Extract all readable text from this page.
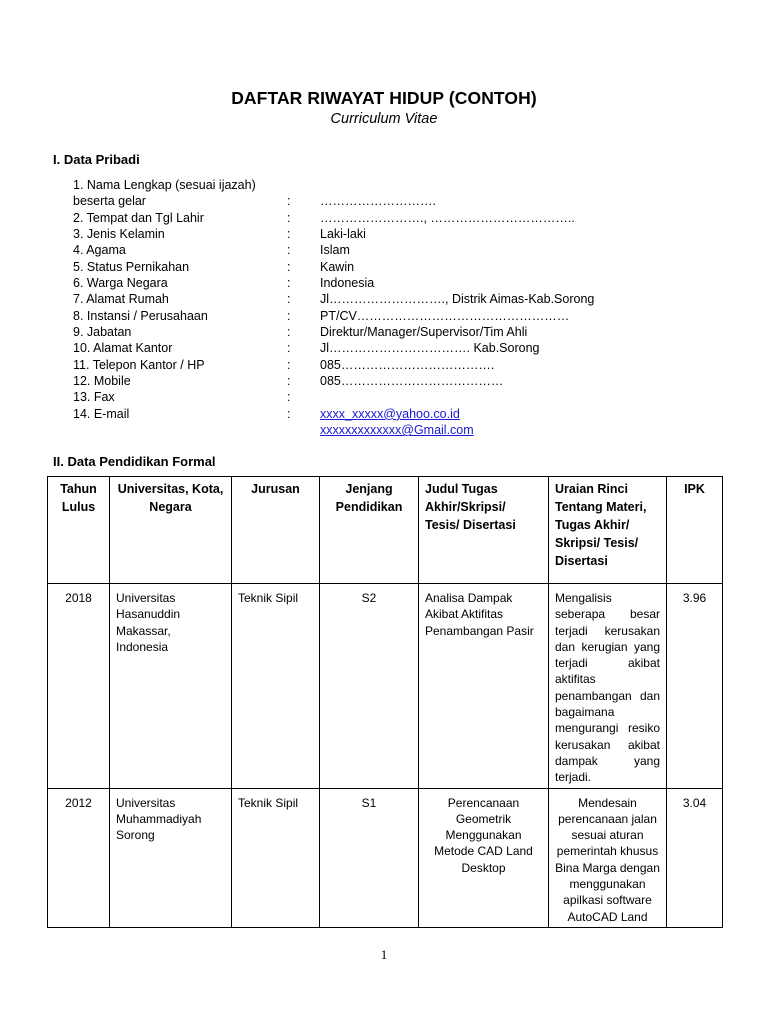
DAFTAR RIWAYAT HIDUP (CONTOH)
Curriculum Vitae
I. Data Pribadi
1. Nama Lengkap (sesuai ijazah)
beserta gelar	: ……………………….
2. Tempat dan Tgl Lahir	: ……………………., ……………………………..
3. Jenis Kelamin	: Laki-laki
4. Agama	: Islam
5. Status Pernikahan	: Kawin
6. Warga Negara	: Indonesia
7. Alamat Rumah	: Jl………………………., Distrik Aimas-Kab.Sorong
8. Instansi / Perusahaan	: PT/CV……………………………………………
9. Jabatan	: Direktur/Manager/Supervisor/Tim Ahli
10. Alamat Kantor	: Jl……………………………. Kab.Sorong
11. Telepon Kantor / HP	: 085……………………………….
12. Mobile	: 085…………………………………
13. Fax	:
14. E-mail	: xxxx_xxxxx@yahoo.co.id
xxxxxxxxxxxxx@Gmail.com
II. Data Pendidikan Formal
Tahun Lulus	Universitas, Kota, Negara	Jurusan	Jenjang Pendidikan	Judul Tugas Akhir/Skripsi/ Tesis/ Disertasi	Uraian Rinci Tentang Materi, Tugas Akhir/ Skripsi/ Tesis/ Disertasi	IPK
2018	Universitas Hasanuddin Makassar, Indonesia	Teknik Sipil	S2	Analisa Dampak Akibat Aktifitas Penambangan Pasir	Mengalisis seberapa besar terjadi kerusakan dan kerugian yang terjadi akibat aktifitas penambangan dan bagaimana mengurangi resiko kerusakan akibat dampak yang terjadi.	3.96
2012	Universitas Muhammadiyah Sorong	Teknik Sipil	S1	Perencanaan Geometrik Menggunakan Metode CAD Land Desktop	Mendesain perencanaan jalan sesuai aturan pemerintah khusus Bina Marga dengan menggunakan apilkasi software AutoCAD Land	3.04
1
